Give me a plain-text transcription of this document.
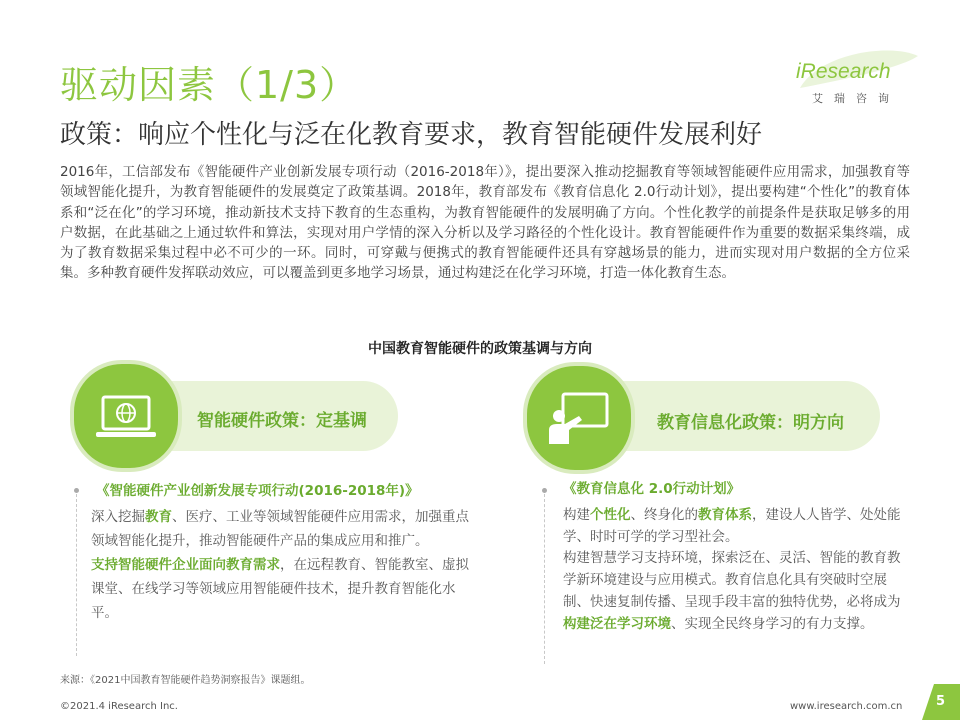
驱动因素（1/3）	iResearch
艾瑞咨询
政策：响应个性化与泛在化教育要求，教育智能硬件发展利好
2016年，工信部发布《智能硬件产业创新发展专项行动（2016-2018年）》，提出要深入推动挖掘教育等领域智能硬件应用需求，加强教育等领域智能化提升，为教育智能硬件的发展奠定了政策基调。2018年，教育部发布《教育信息化 2.0行动计划》，提出要构建“个性化”的教育体系和“泛在化”的学习环境，推动新技术支持下教育的生态重构，为教育智能硬件的发展明确了方向。个性化教学的前提条件是获取足够多的用户数据，在此基础之上通过软件和算法，实现对用户学情的深入分析以及学习路径的个性化设计。教育智能硬件作为重要的数据采集终端，成为了教育数据采集过程中必不可少的一环。同时，可穿戴与便携式的教育智能硬件还具有穿越场景的能力，进而实现对用户数据的全方位采集。多种教育硬件发挥联动效应，可以覆盖到更多地学习场景，通过构建泛在化学习环境，打造一体化教育生态。
中国教育智能硬件的政策基调与方向
智能硬件政策：定基调	教育信息化政策：明方向
《智能硬件产业创新发展专项行动(2016-2018年)》
深入挖掘教育、医疗、工业等领域智能硬件应用需求，加强重点领域智能化提升，推动智能硬件产品的集成应用和推广。
支持智能硬件企业面向教育需求，在远程教育、智能教室、虚拟课堂、在线学习等领域应用智能硬件技术，提升教育智能化水平。
《教育信息化 2.0行动计划》
构建个性化、终身化的教育体系，建设人人皆学、处处能学、时时可学的学习型社会。
构建智慧学习支持环境，探索泛在、灵活、智能的教育教学新环境建设与应用模式。教育信息化具有突破时空展制、快速复制传播、呈现手段丰富的独特优势，必将成为构建泛在学习环境、实现全民终身学习的有力支撑。
来源：《2021中国教育智能硬件趋势洞察报告》课题组。
©2021.4 iResearch Inc.	www.iresearch.com.cn	5
